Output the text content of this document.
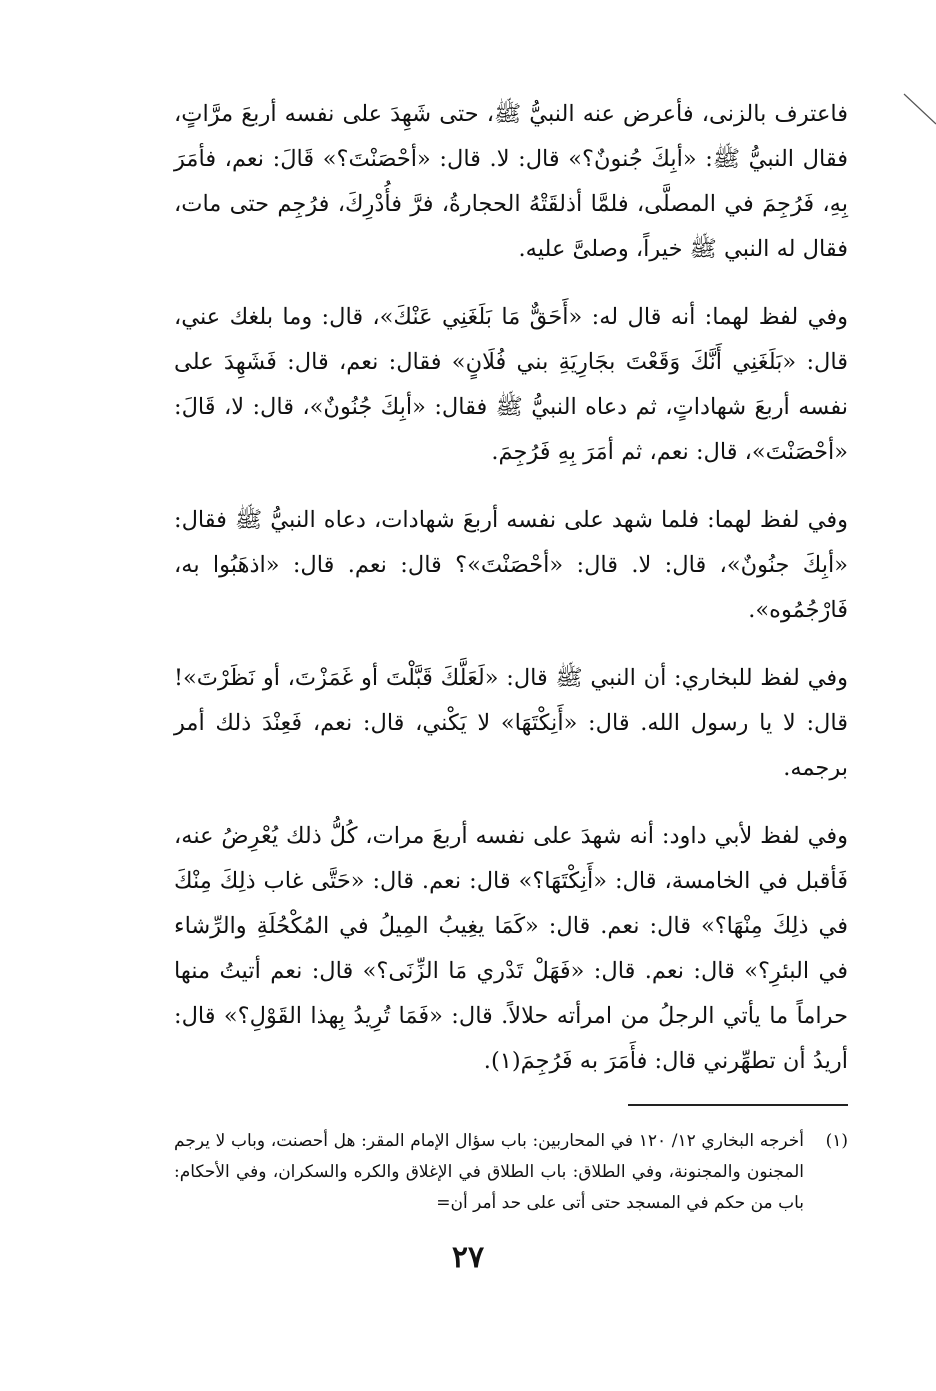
فاعترف بالزنى، فأعرض عنه النبيُّ ﷺ، حتى شَهِدَ على نفسه أربعَ مرَّاتٍ، فقال النبيُّ ﷺ: «أبِكَ جُنونٌ؟» قال: لا. قال: «أحْصَنْتَ؟» قَالَ: نعم، فأمَرَ بِهِ، فَرُجِمَ في المصلَّى، فلمَّا أذلقَتْهُ الحجارةُ، فرَّ فأُدْرِكَ، فرُجِم حتى مات، فقال له النبي ﷺ خيراً، وصلىَّ عليه.

وفي لفظ لهما: أنه قال له: «أَحَقٌّ مَا بَلَغَنِي عَنْكَ»، قال: وما بلغك عني، قال: «بَلَغَنِي أَنَّكَ وَقَعْتَ بجَارِيَةِ بني فُلَانٍ» فقال: نعم، قال: فَشَهِدَ على نفسه أربعَ شهاداتٍ، ثم دعاه النبيُّ ﷺ فقال: «أبِكَ جُنُونٌ»، قال: لا، قَالَ: «أحْصَنْتَ»، قال: نعم، ثم أمَرَ بِهِ فَرُجِمَ.

وفي لفظ لهما: فلما شهد على نفسه أربعَ شهادات، دعاه النبيُّ ﷺ فقال: «أبِكَ جنُونٌ»، قال: لا. قال: «أحْصَنْتَ»؟ قال: نعم. قال: «اذهَبُوا به، فَارْجُمُوه».

وفي لفظ للبخاري: أن النبي ﷺ قال: «لَعَلَّكَ قَبَّلْتَ أو غَمَزْتَ، أو نَظَرْتَ»! قال: لا يا رسول الله. قال: «أَنِكْتَهَا» لا يَكْني، قال: نعم، فَعِنْدَ ذلك أمر برجمه.

وفي لفظ لأبي داود: أنه شهدَ على نفسه أربعَ مرات، كُلُّ ذلك يُعْرِضُ عنه، فَأقبل في الخامسة، قال: «أَنِكْتَهَا؟» قال: نعم. قال: «حَتَّى غاب ذلِكَ مِنْكَ في ذلِكَ مِنْهَا؟» قال: نعم. قال: «كَمَا يغِيبُ المِيلُ في المُكْحُلَةِ والرِّشاء في البئرِ؟» قال: نعم. قال: «فَهَلْ تَدْري مَا الزِّنَى؟» قال: نعم أتيتُ منها حراماً ما يأتي الرجلُ من امرأته حلالاً. قال: «فَمَا تُرِيدُ بِهذا القَوْلِ؟» قال: أريدُ أن تطهِّرني قال: فأَمَرَ به فَرُجِمَ(١).

(١)
أخرجه البخاري ١٢/ ١٢٠ في المحاربين: باب سؤال الإمام المقر: هل أحصنت، وباب لا يرجم المجنون والمجنونة، وفي الطلاق: باب الطلاق في الإغلاق والكره والسكران، وفي الأحكام: باب من حكم في المسجد حتى أتى على حد أمر أن=
٢٧
